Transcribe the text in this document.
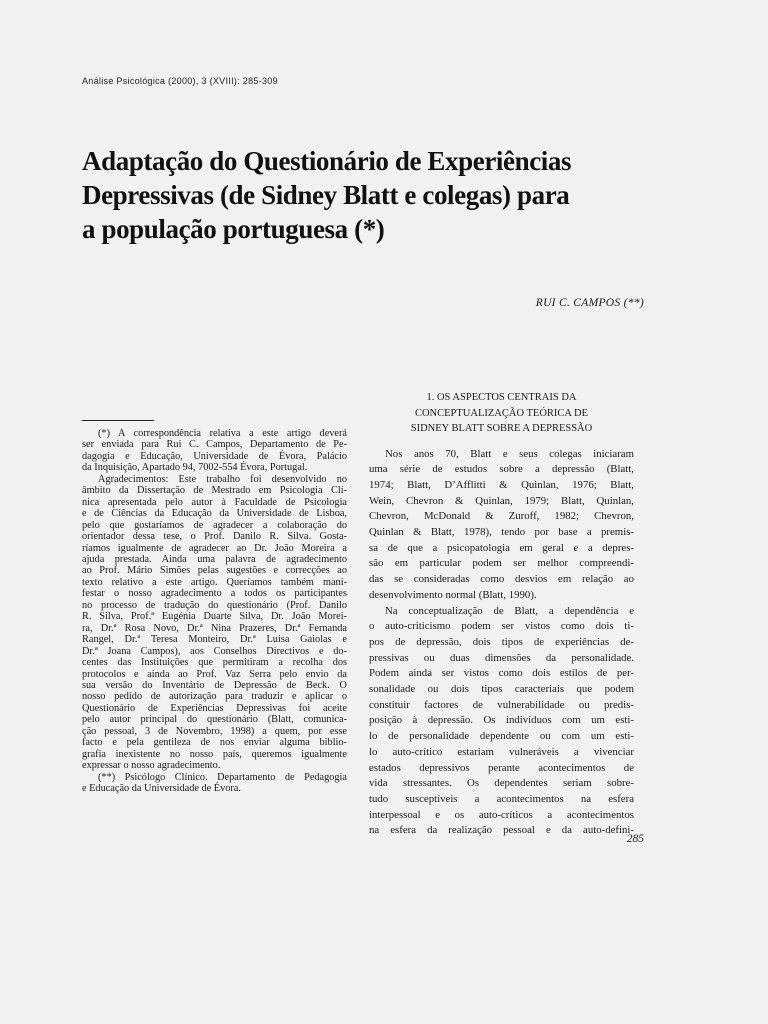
Análise Psicológica (2000), 3 (XVIII): 285-309
Adaptação do Questionário de Experiências
Depressivas (de Sidney Blatt e colegas) para
a população portuguesa (*)
RUI C. CAMPOS (**)
(*) A correspondência relativa a este artigo deverá
ser enviada para Rui C. Campos, Departamento de Pe-
dagogia e Educação, Universidade de Évora, Palácio
da Inquisição, Apartado 94, 7002-554 Évora, Portugal.
Agradecimentos: Este trabalho foi desenvolvido no
âmbito da Dissertação de Mestrado em Psicologia Clí-
nica apresentada pelo autor à Faculdade de Psicologia
e de Ciências da Educação da Universidade de Lisboa,
pelo que gostaríamos de agradecer a colaboração do
orientador dessa tese, o Prof. Danilo R. Silva. Gosta-
ríamos igualmente de agradecer ao Dr. João Moreira a
ajuda prestada. Ainda uma palavra de agradecimento
ao Prof. Mário Simões pelas sugestões e correcções ao
texto relativo a este artigo. Queríamos também mani-
festar o nosso agradecimento a todos os participantes
no processo de tradução do questionário (Prof. Danilo
R. Silva, Prof.ª Eugénia Duarte Silva, Dr. João Morei-
ra, Dr.ª Rosa Novo, Dr.ª Nina Prazeres, Dr.ª Fernanda
Rangel, Dr.ª Teresa Monteiro, Dr.ª Luisa Gaiolas e
Dr.ª Joana Campos), aos Conselhos Directivos e do-
centes das Instituições que permitiram a recolha dos
protocolos e ainda ao Prof. Vaz Serra pelo envio da
sua versão do Inventário de Depressão de Beck. O
nosso pedido de autorização para traduzir e aplicar o
Questionário de Experiências Depressivas foi aceite
pelo autor principal do questionário (Blatt, comunica-
ção pessoal, 3 de Novembro, 1998) a quem, por esse
facto e pela gentileza de nos enviar alguma biblio-
grafia inexistente no nosso país, queremos igualmente
expressar o nosso agradecimento.
(**) Psicólogo Clínico. Departamento de Pedagogia
e Educação da Universidade de Évora.
1. OS ASPECTOS CENTRAIS DA
CONCEPTUALIZAÇÃO TEÓRICA DE
SIDNEY BLATT SOBRE A DEPRESSÃO
Nos anos 70, Blatt e seus colegas iniciaram
uma série de estudos sobre a depressão (Blatt,
1974; Blatt, D’Afflitti & Quinlan, 1976; Blatt,
Wein, Chevron & Quinlan, 1979; Blatt, Quinlan,
Chevron, McDonald & Zuroff, 1982; Chevron,
Quinlan & Blatt, 1978), tendo por base a premis-
sa de que a psicopatologia em geral e a depres-
são em particular podem ser melhor compreendi-
das se consideradas como desvios em relação ao
desenvolvimento normal (Blatt, 1990).
Na conceptualização de Blatt, a dependência e
o auto-criticismo podem ser vistos como dois ti-
pos de depressão, dois tipos de experiências de-
pressivas ou duas dimensões da personalidade.
Podem ainda ser vistos como dois estilos de per-
sonalidade ou dois tipos caracteriais que podem
constituir factores de vulnerabilidade ou predis-
posição à depressão. Os indivíduos com um esti-
lo de personalidade dependente ou com um esti-
lo auto-crítico estariam vulneráveis a vivenciar
estados depressivos perante acontecimentos de
vida stressantes. Os dependentes seriam sobre-
tudo susceptíveis a acontecimentos na esfera
interpessoal e os auto-críticos a acontecimentos
na esfera da realização pessoal e da auto-defini-
285
